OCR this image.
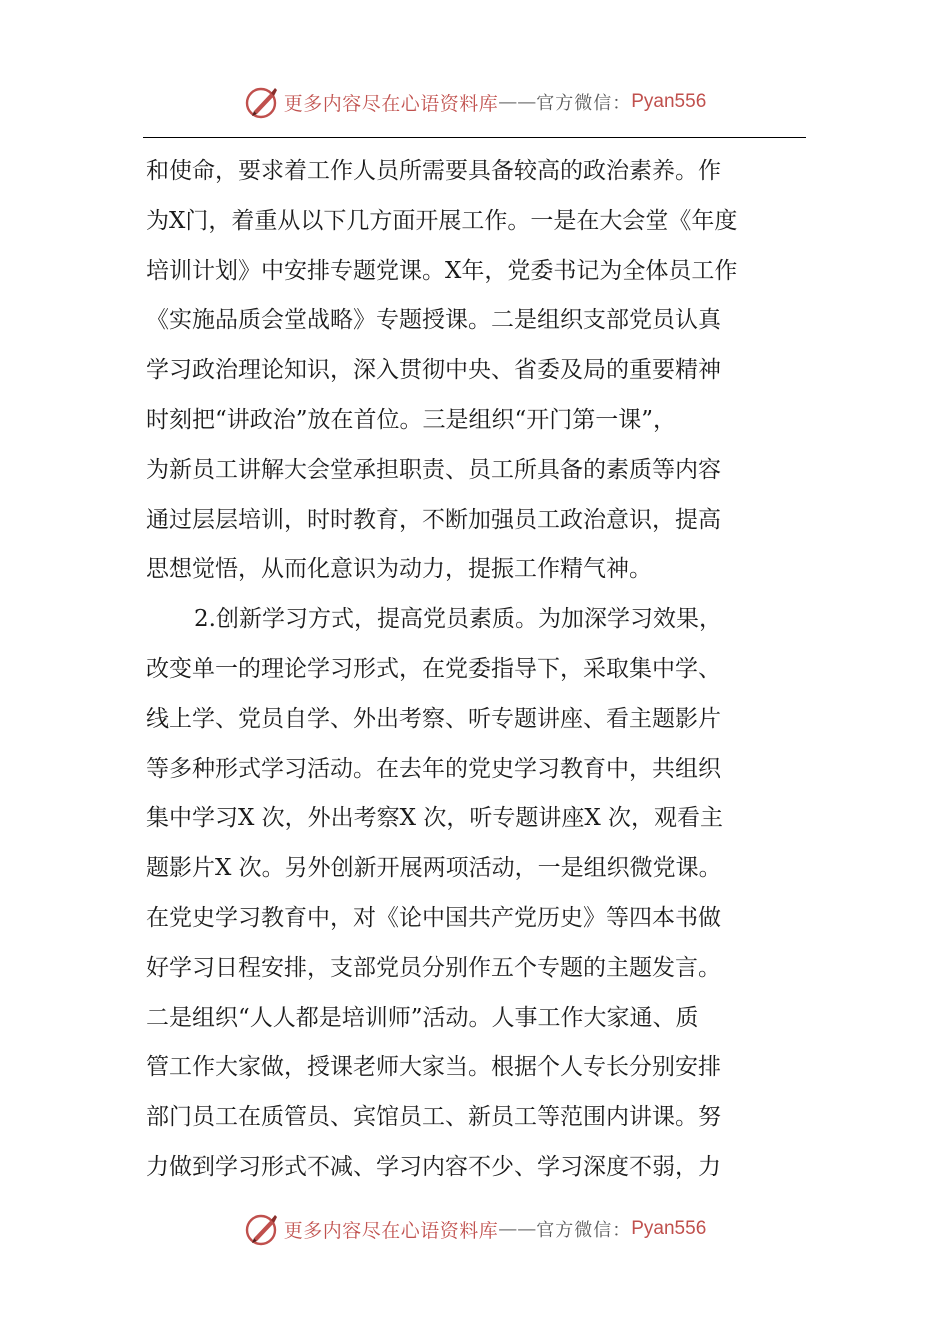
更多内容尽在心语资料库 —— 官方微信： Pyan556
和使命，要求着工作人员所需要具备较高的政治素养。作
为X门，着重从以下几方面开展工作。一是在大会堂《年度
培训计划》中安排专题党课。X年，党委书记为全体员工作
《实施品质会堂战略》专题授课。二是组织支部党员认真
学习政治理论知识，深入贯彻中央、省委及局的重要精神
时刻把“讲政治”放在首位。三是组织“开门第一课”，
为新员工讲解大会堂承担职责、员工所具备的素质等内容
通过层层培训，时时教育，不断加强员工政治意识，提高
思想觉悟，从而化意识为动力，提振工作精气神。
2.创新学习方式，提高党员素质。为加深学习效果，
改变单一的理论学习形式，在党委指导下，采取集中学、
线上学、党员自学、外出考察、听专题讲座、看主题影片
等多种形式学习活动。在去年的党史学习教育中，共组织
集中学习X 次，外出考察X 次，听专题讲座X 次，观看主
题影片X 次。另外创新开展两项活动，一是组织微党课。
在党史学习教育中，对《论中国共产党历史》等四本书做
好学习日程安排，支部党员分别作五个专题的主题发言。
二是组织“人人都是培训师”活动。人事工作大家通、质
管工作大家做，授课老师大家当。根据个人专长分别安排
部门员工在质管员、宾馆员工、新员工等范围内讲课。努
力做到学习形式不减、学习内容不少、学习深度不弱，力
更多内容尽在心语资料库 —— 官方微信： Pyan556
